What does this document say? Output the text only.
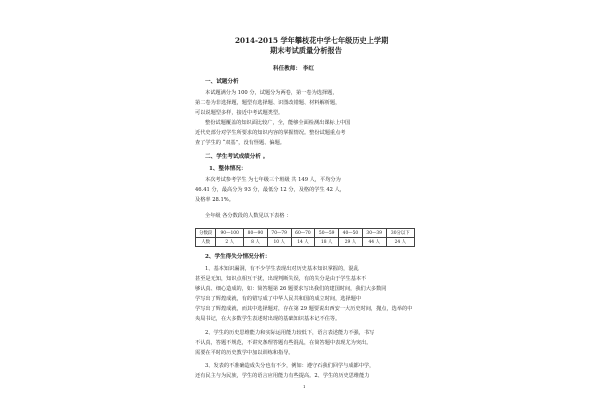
2014-2015 学年攀枝花中学七年级历史上学期
期末考试质量分析报告
科任教师： 李红
一、试题分析
本试题满分为 100 分，试题分为两卷，第一卷为选择题，
第二卷为非选择题，题型有选择题、识图改错题、材料解析题，
可以说题型多样，接近中考试题类型。
整份试题覆盖的知识面比较广，全，能够全面检测出课标上中国
近代史部分对学生所要求的知识内容的掌握情况。整份试题重点考
查了学生的 “双基”，没有怪题、偏题。
二、学生考试成绩分析 。
1、整体情况：
本次考试参考学生 为七年级三个班级 共 149 人，平均分为
46.41 分，最高分为 93 分，最低分 12 分，及格的学生 42 人，
及格率 28.1%。
全年级 各分数段的人数见以下表格 ：
分数段	90—100	80—90	70—79	60—70	50—59	40—50	30—39	30分以下
人数	2 人	8 人	10 人	14 人	18 人	29 人	44 人	24 人
2、学生得失分情况分析：
1、基本知识漏洞，有不少学生表现出对历史基本知识掌握的，混乱
甚至是无知，知识点相互干扰，出现判断失误，有的失分是由于学生基本不
够认真、细心造成的，如：简答题第 26 题要求写出我们的建国时间，我们大多数同
学写出了辉煌成就，有的错写成了中华人民共和国的成立时间，选择题中
学写出了辉煌成就，而其中选择题对，存在第 29 题要说出西安一大历史时间，抛点，选举的中
央局书记，在大多数学生表述时出现的基础知识基本记不住等。
2、学生的历史思维能力和实际运用能力较低下，语言表述能力不强，书写
不认真，答题不规范，不讲究条理答题有些混乱，在简答题中表现尤为突出。
需要在平时的历史教学中加以训练和指导。
3、发表的不准确造成失分也有不少，例如：遵守石我们回学与成都中学，
还有民主与为民族，学生的语言应用能力有些提高。2、学生的历史思维能力
1
